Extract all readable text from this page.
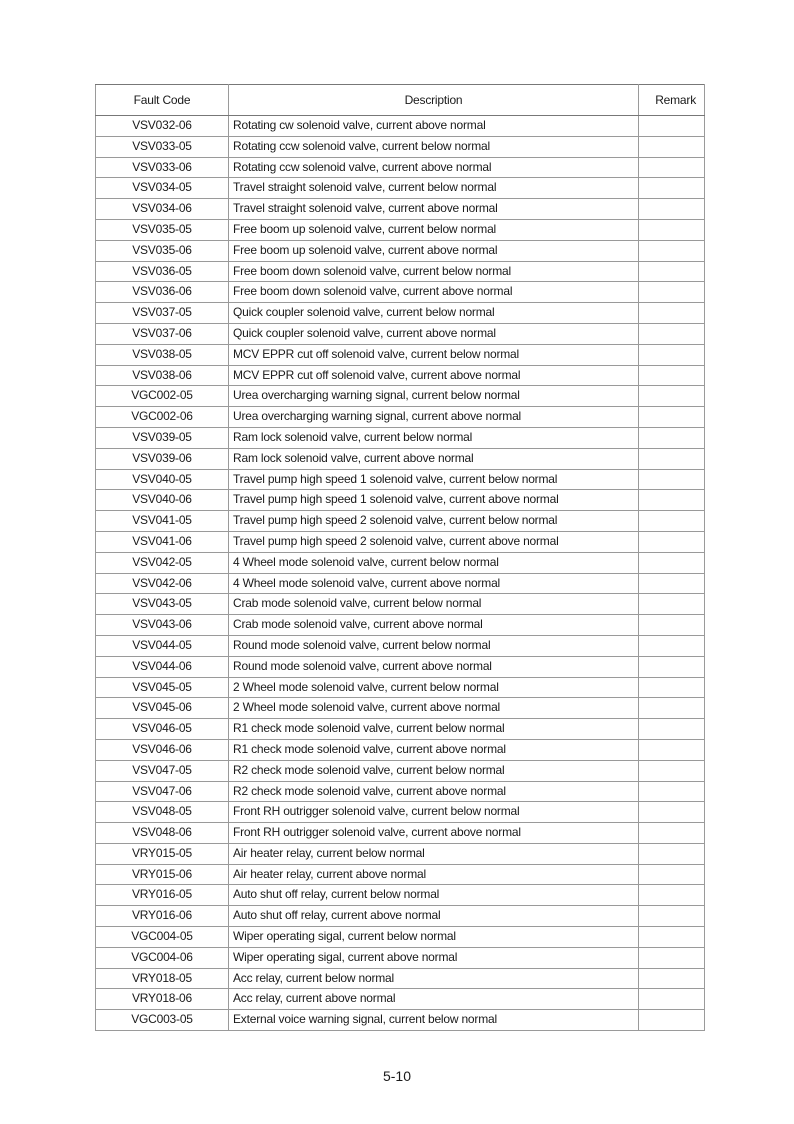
Fault Code	Description	Remark
VSV032-06	Rotating cw solenoid valve, current above normal	
VSV033-05	Rotating ccw solenoid valve, current below normal	
VSV033-06	Rotating ccw solenoid valve, current above normal	
VSV034-05	Travel straight solenoid valve, current below normal	
VSV034-06	Travel straight solenoid valve, current above normal	
VSV035-05	Free boom up solenoid valve, current below normal	
VSV035-06	Free boom up solenoid valve, current above normal	
VSV036-05	Free boom down solenoid valve, current below normal	
VSV036-06	Free boom down solenoid valve, current above normal	
VSV037-05	Quick coupler solenoid valve, current below normal	
VSV037-06	Quick coupler solenoid valve, current above normal	
VSV038-05	MCV EPPR cut off solenoid valve, current below normal	
VSV038-06	MCV EPPR cut off solenoid valve, current above normal	
VGC002-05	Urea overcharging warning signal, current below normal	
VGC002-06	Urea overcharging warning signal, current above normal	
VSV039-05	Ram lock solenoid valve, current below normal	
VSV039-06	Ram lock solenoid valve, current above normal	
VSV040-05	Travel pump high speed 1 solenoid valve, current below normal	
VSV040-06	Travel pump high speed 1 solenoid valve, current above normal	
VSV041-05	Travel pump high speed 2 solenoid valve, current below normal	
VSV041-06	Travel pump high speed 2 solenoid valve, current above normal	
VSV042-05	4 Wheel mode solenoid valve, current below normal	
VSV042-06	4 Wheel mode solenoid valve, current above normal	
VSV043-05	Crab mode solenoid valve, current below normal	
VSV043-06	Crab mode solenoid valve, current above normal	
VSV044-05	Round mode solenoid valve, current below normal	
VSV044-06	Round mode solenoid valve, current above normal	
VSV045-05	2 Wheel mode solenoid valve, current below normal	
VSV045-06	2 Wheel mode solenoid valve, current above normal	
VSV046-05	R1 check mode solenoid valve, current below normal	
VSV046-06	R1 check mode solenoid valve, current above normal	
VSV047-05	R2 check mode solenoid valve, current below normal	
VSV047-06	R2 check mode solenoid valve, current above normal	
VSV048-05	Front RH outrigger solenoid valve, current below normal	
VSV048-06	Front RH outrigger solenoid valve, current above normal	
VRY015-05	Air heater relay, current below normal	
VRY015-06	Air heater relay, current above normal	
VRY016-05	Auto shut off relay, current below normal	
VRY016-06	Auto shut off relay, current above normal	
VGC004-05	Wiper operating sigal, current below normal	
VGC004-06	Wiper operating sigal, current above normal	
VRY018-05	Acc relay, current below normal	
VRY018-06	Acc relay, current above normal	
VGC003-05	External voice warning signal, current below normal	
5-10
